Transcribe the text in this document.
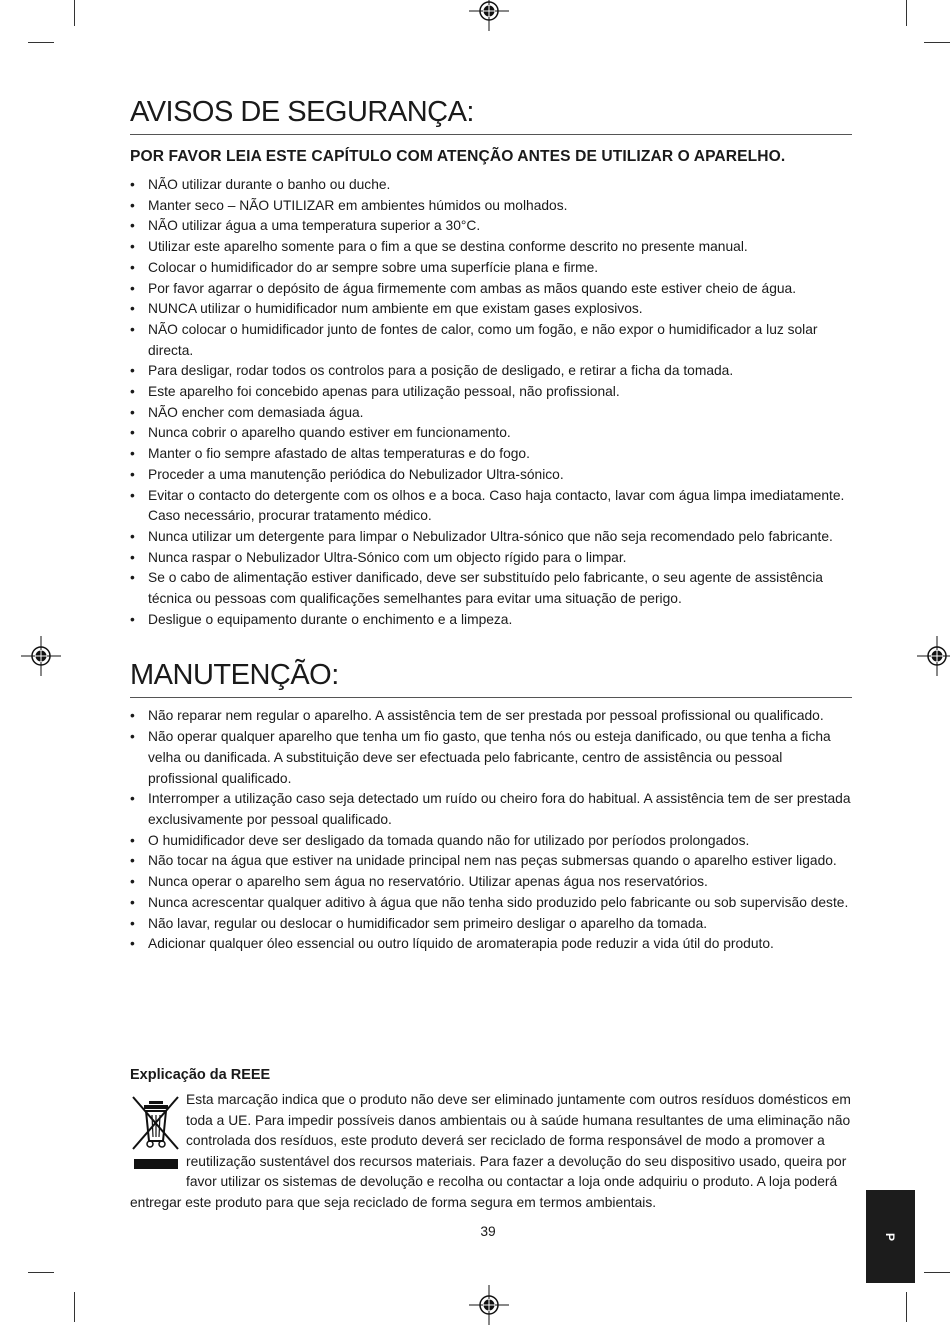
AVISOS DE SEGURANÇA:
POR FAVOR LEIA ESTE CAPÍTULO COM ATENÇÃO ANTES DE UTILIZAR O APARELHO.
• NÃO utilizar durante o banho ou duche.
• Manter seco – NÃO UTILIZAR em ambientes húmidos ou molhados.
• NÃO utilizar água a uma temperatura superior a 30°C.
• Utilizar este aparelho somente para o fim a que se destina conforme descrito no presente manual.
• Colocar o humidificador do ar sempre sobre uma superfície plana e firme.
• Por favor agarrar o depósito de água firmemente com ambas as mãos quando este estiver cheio de água.
• NUNCA utilizar o humidificador num ambiente em que existam gases explosivos.
• NÃO colocar o humidificador junto de fontes de calor, como um fogão, e não expor o humidificador a luz solar directa.
• Para desligar, rodar todos os controlos para a posição de desligado, e retirar a ficha da tomada.
• Este aparelho foi concebido apenas para utilização pessoal, não profissional.
• NÃO encher com demasiada água.
• Nunca cobrir o aparelho quando estiver em funcionamento.
• Manter o fio sempre afastado de altas temperaturas e do fogo.
• Proceder a uma manutenção periódica do Nebulizador Ultra-sónico.
• Evitar o contacto do detergente com os olhos e a boca. Caso haja contacto, lavar com água limpa imediatamente. Caso necessário, procurar tratamento médico.
• Nunca utilizar um detergente para limpar o Nebulizador Ultra-sónico que não seja recomendado pelo fabricante.
• Nunca raspar o Nebulizador Ultra-Sónico com um objecto rígido para o limpar.
• Se o cabo de alimentação estiver danificado, deve ser substituído pelo fabricante, o seu agente de assistência técnica ou pessoas com qualificações semelhantes para evitar uma situação de perigo.
• Desligue o equipamento durante o enchimento e a limpeza.
MANUTENÇÃO:
• Não reparar nem regular o aparelho. A assistência tem de ser prestada por pessoal profissional ou qualificado.
• Não operar qualquer aparelho que tenha um fio gasto, que tenha nós ou esteja danificado, ou que tenha a ficha velha ou danificada. A substituição deve ser efectuada pelo fabricante, centro de assistência ou pessoal profissional qualificado.
• Interromper a utilização caso seja detectado um ruído ou cheiro fora do habitual. A assistência tem de ser prestada exclusivamente por pessoal qualificado.
• O humidificador deve ser desligado da tomada quando não for utilizado por períodos prolongados.
• Não tocar na água que estiver na unidade principal nem nas peças submersas quando o aparelho estiver ligado.
• Nunca operar o aparelho sem água no reservatório. Utilizar apenas água nos reservatórios.
• Nunca acrescentar qualquer aditivo à água que não tenha sido produzido pelo fabricante ou sob supervisão deste.
• Não lavar, regular ou deslocar o humidificador sem primeiro desligar o aparelho da tomada.
• Adicionar qualquer óleo essencial ou outro líquido de aromaterapia pode reduzir a vida útil do produto.
Explicação da REEE
Esta marcação indica que o produto não deve ser eliminado juntamente com outros resíduos domésticos em toda a UE. Para impedir possíveis danos ambientais ou à saúde humana resultantes de uma eliminação não controlada dos resíduos, este produto deverá ser reciclado de forma responsável de modo a promover a reutilização sustentável dos recursos materiais. Para fazer a devolução do seu dispositivo usado, queira por favor utilizar os sistemas de devolução e recolha ou contactar a loja onde adquiriu o produto. A loja poderá entregar este produto para que seja reciclado de forma segura em termos ambientais.
39	P
